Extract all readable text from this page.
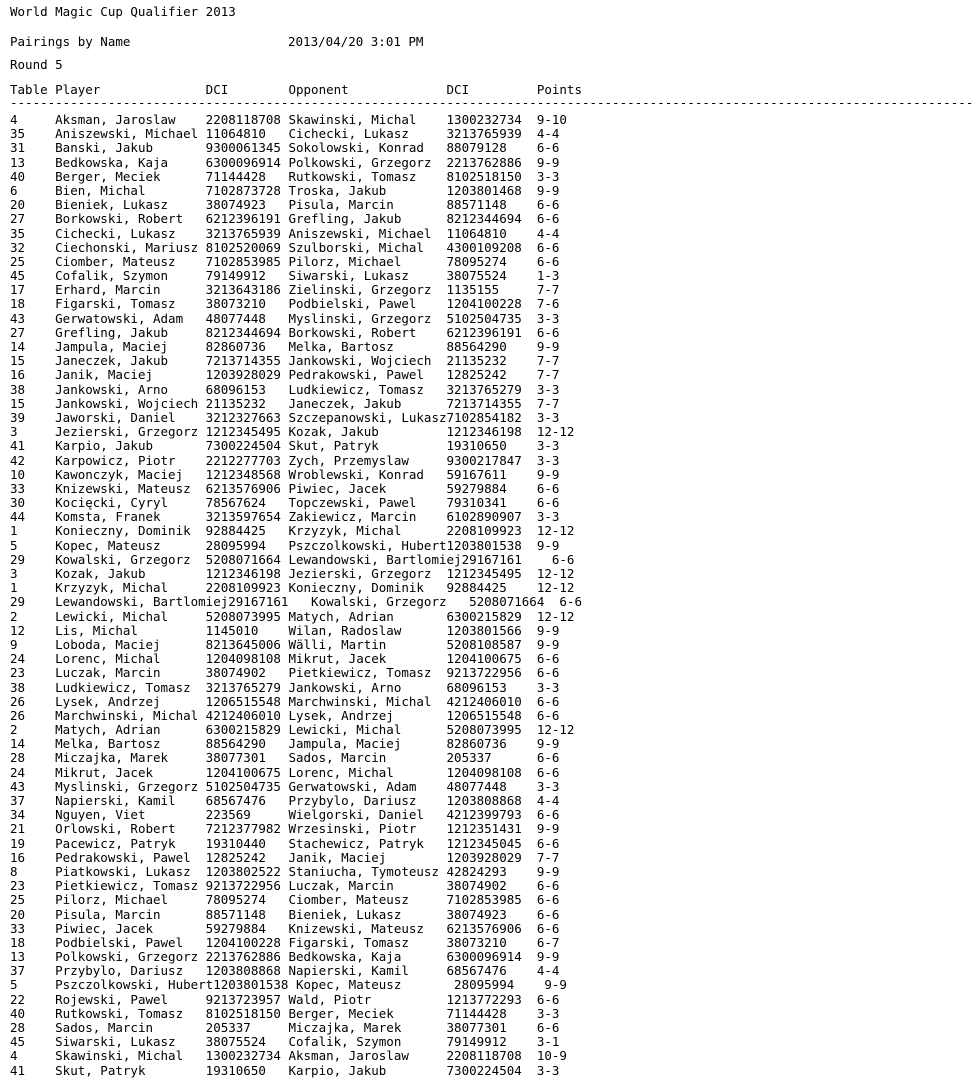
World Magic Cup Qualifier 2013
Pairings by Name	2013/04/20 3:01 PM
Round 5
Table Player              DCI        Opponent             DCI         Points
--------------------------------------------------------------------------------------------------------------------------------
4     Aksman, Jaroslaw    2208118708 Skawinski, Michal    1300232734  9-10
35    Aniszewski, Michael 11064810   Cichecki, Lukasz     3213765939  4-4
31    Banski, Jakub       9300061345 Sokolowski, Konrad   88079128    6-6
13    Bedkowska, Kaja     6300096914 Polkowski, Grzegorz  2213762886  9-9
40    Berger, Meciek      71144428   Rutkowski, Tomasz    8102518150  3-3
6     Bien, Michal        7102873728 Troska, Jakub        1203801468  9-9
20    Bieniek, Lukasz     38074923   Pisula, Marcin       88571148    6-6
27    Borkowski, Robert   6212396191 Grefling, Jakub      8212344694  6-6
35    Cichecki, Lukasz    3213765939 Aniszewski, Michael  11064810    4-4
32    Ciechonski, Mariusz 8102520069 Szulborski, Michal   4300109208  6-6
25    Ciomber, Mateusz    7102853985 Pilorz, Michael      78095274    6-6
45    Cofalik, Szymon     79149912   Siwarski, Lukasz     38075524    1-3
17    Erhard, Marcin      3213643186 Zielinski, Grzegorz  1135155     7-7
18    Figarski, Tomasz    38073210   Podbielski, Pawel    1204100228  7-6
43    Gerwatowski, Adam   48077448   Myslinski, Grzegorz  5102504735  3-3
27    Grefling, Jakub     8212344694 Borkowski, Robert    6212396191  6-6
14    Jampula, Maciej     82860736   Melka, Bartosz       88564290    9-9
15    Janeczek, Jakub     7213714355 Jankowski, Wojciech  21135232    7-7
16    Janik, Maciej       1203928029 Pedrakowski, Pawel   12825242    7-7
38    Jankowski, Arno     68096153   Ludkiewicz, Tomasz   3213765279  3-3
15    Jankowski, Wojciech 21135232   Janeczek, Jakub      7213714355  7-7
39    Jaworski, Daniel    3212327663 Szczepanowski, Lukasz7102854182  3-3
3     Jezierski, Grzegorz 1212345495 Kozak, Jakub         1212346198  12-12
41    Karpio, Jakub       7300224504 Skut, Patryk         19310650    3-3
42    Karpowicz, Piotr    2212277703 Zych, Przemyslaw     9300217847  3-3
10    Kawonczyk, Maciej   1212348568 Wroblewski, Konrad   59167611    9-9
33    Knizewski, Mateusz  6213576906 Piwiec, Jacek        59279884    6-6
30    Kocięcki, Cyryl     78567624   Topczewski, Pawel    79310341    6-6
44    Komsta, Franek      3213597654 Zakiewicz, Marcin    6102890907  3-3
1     Konieczny, Dominik  92884425   Krzyzyk, Michal      2208109923  12-12
5     Kopec, Mateusz      28095994   Pszczolkowski, Hubert1203801538  9-9
29    Kowalski, Grzegorz  5208071664 Lewandowski, Bartlomiej29167161    6-6
3     Kozak, Jakub        1212346198 Jezierski, Grzegorz  1212345495  12-12
1     Krzyzyk, Michal     2208109923 Konieczny, Dominik   92884425    12-12
29    Lewandowski, Bartlomiej29167161   Kowalski, Grzegorz   5208071664  6-6
2     Lewicki, Michal     5208073995 Matych, Adrian       6300215829  12-12
12    Lis, Michal         1145010    Wilan, Radoslaw      1203801566  9-9
9     Loboda, Maciej      8213645006 Wälli, Martin        5208108587  9-9
24    Lorenc, Michal      1204098108 Mikrut, Jacek        1204100675  6-6
23    Luczak, Marcin      38074902   Pietkiewicz, Tomasz  9213722956  6-6
38    Ludkiewicz, Tomasz  3213765279 Jankowski, Arno      68096153    3-3
26    Lysek, Andrzej      1206515548 Marchwinski, Michal  4212406010  6-6
26    Marchwinski, Michal 4212406010 Lysek, Andrzej       1206515548  6-6
2     Matych, Adrian      6300215829 Lewicki, Michal      5208073995  12-12
14    Melka, Bartosz      88564290   Jampula, Maciej      82860736    9-9
28    Miczajka, Marek     38077301   Sados, Marcin        205337      6-6
24    Mikrut, Jacek       1204100675 Lorenc, Michal       1204098108  6-6
43    Myslinski, Grzegorz 5102504735 Gerwatowski, Adam    48077448    3-3
37    Napierski, Kamil    68567476   Przybylo, Dariusz    1203808868  4-4
34    Nguyen, Viet        223569     Wielgorski, Daniel   4212399793  6-6
21    Orlowski, Robert    7212377982 Wrzesinski, Piotr    1212351431  9-9
19    Pacewicz, Patryk    19310440   Stachewicz, Patryk   1212345045  6-6
16    Pedrakowski, Pawel  12825242   Janik, Maciej        1203928029  7-7
8     Piatkowski, Lukasz  1203802522 Staniucha, Tymoteusz 42824293    9-9
23    Pietkiewicz, Tomasz 9213722956 Luczak, Marcin       38074902    6-6
25    Pilorz, Michael     78095274   Ciomber, Mateusz     7102853985  6-6
20    Pisula, Marcin      88571148   Bieniek, Lukasz      38074923    6-6
33    Piwiec, Jacek       59279884   Knizewski, Mateusz   6213576906  6-6
18    Podbielski, Pawel   1204100228 Figarski, Tomasz     38073210    6-7
13    Polkowski, Grzegorz 2213762886 Bedkowska, Kaja      6300096914  9-9
37    Przybylo, Dariusz   1203808868 Napierski, Kamil     68567476    4-4
5     Pszczolkowski, Hubert1203801538 Kopec, Mateusz       28095994    9-9
22    Rojewski, Pawel     9213723957 Wald, Piotr          1213772293  6-6
40    Rutkowski, Tomasz   8102518150 Berger, Meciek       71144428    3-3
28    Sados, Marcin       205337     Miczajka, Marek      38077301    6-6
45    Siwarski, Lukasz    38075524   Cofalik, Szymon      79149912    3-1
4     Skawinski, Michal   1300232734 Aksman, Jaroslaw     2208118708  10-9
41    Skut, Patryk        19310650   Karpio, Jakub        7300224504  3-3
